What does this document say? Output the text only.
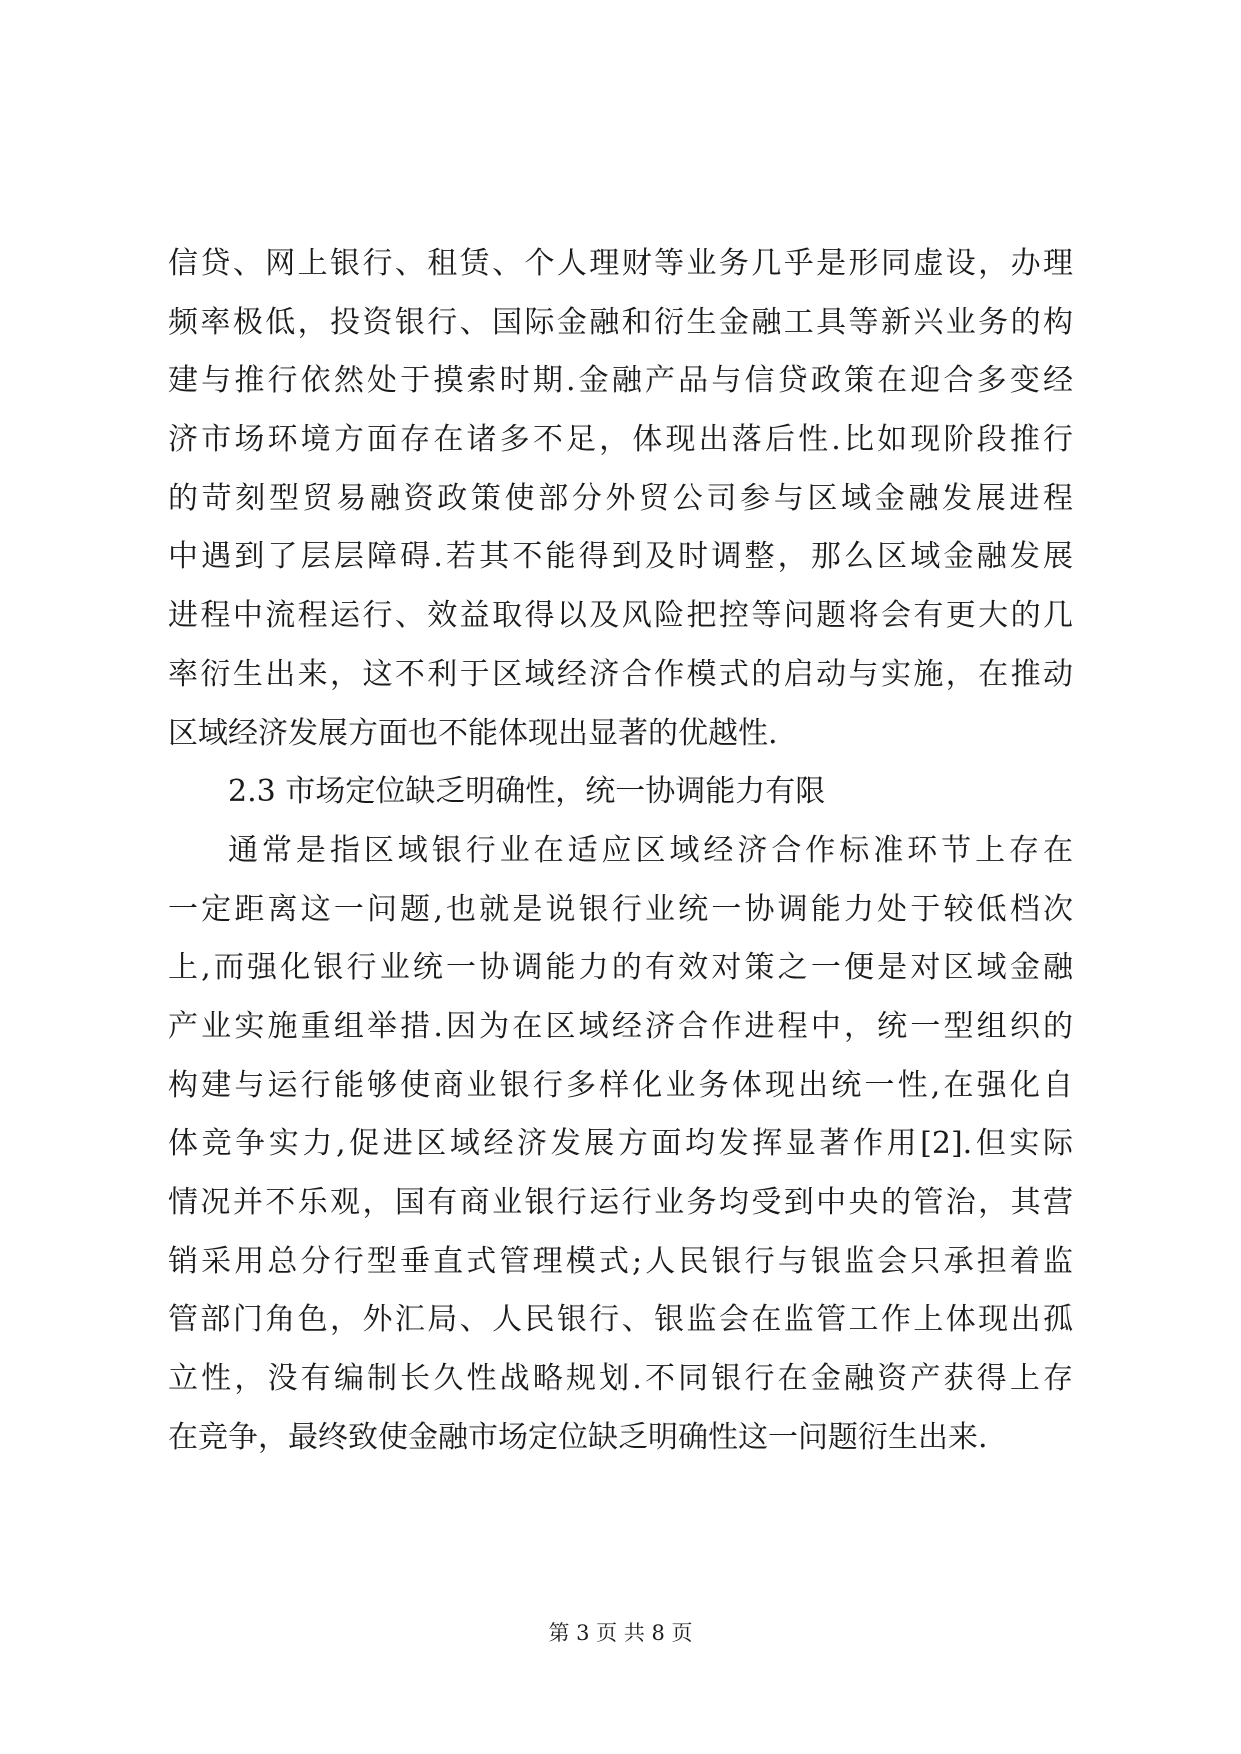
信贷、网上银行、租赁、个人理财等业务几乎是形同虚设，办理
频率极低，投资银行、国际金融和衍生金融工具等新兴业务的构
建与推行依然处于摸索时期.金融产品与信贷政策在迎合多变经
济市场环境方面存在诸多不足，体现出落后性.比如现阶段推行
的苛刻型贸易融资政策使部分外贸公司参与区域金融发展进程
中遇到了层层障碍.若其不能得到及时调整，那么区域金融发展
进程中流程运行、效益取得以及风险把控等问题将会有更大的几
率衍生出来，这不利于区域经济合作模式的启动与实施，在推动
区域经济发展方面也不能体现出显著的优越性.
2.3 市场定位缺乏明确性，统一协调能力有限
通常是指区域银行业在适应区域经济合作标准环节上存在
一定距离这一问题,也就是说银行业统一协调能力处于较低档次
上,而强化银行业统一协调能力的有效对策之一便是对区域金融
产业实施重组举措.因为在区域经济合作进程中，统一型组织的
构建与运行能够使商业银行多样化业务体现出统一性,在强化自
体竞争实力,促进区域经济发展方面均发挥显著作用[2].但实际
情况并不乐观，国有商业银行运行业务均受到中央的管治，其营
销采用总分行型垂直式管理模式;人民银行与银监会只承担着监
管部门角色，外汇局、人民银行、银监会在监管工作上体现出孤
立性，没有编制长久性战略规划.不同银行在金融资产获得上存
在竞争，最终致使金融市场定位缺乏明确性这一问题衍生出来.
第 3 页 共 8 页
